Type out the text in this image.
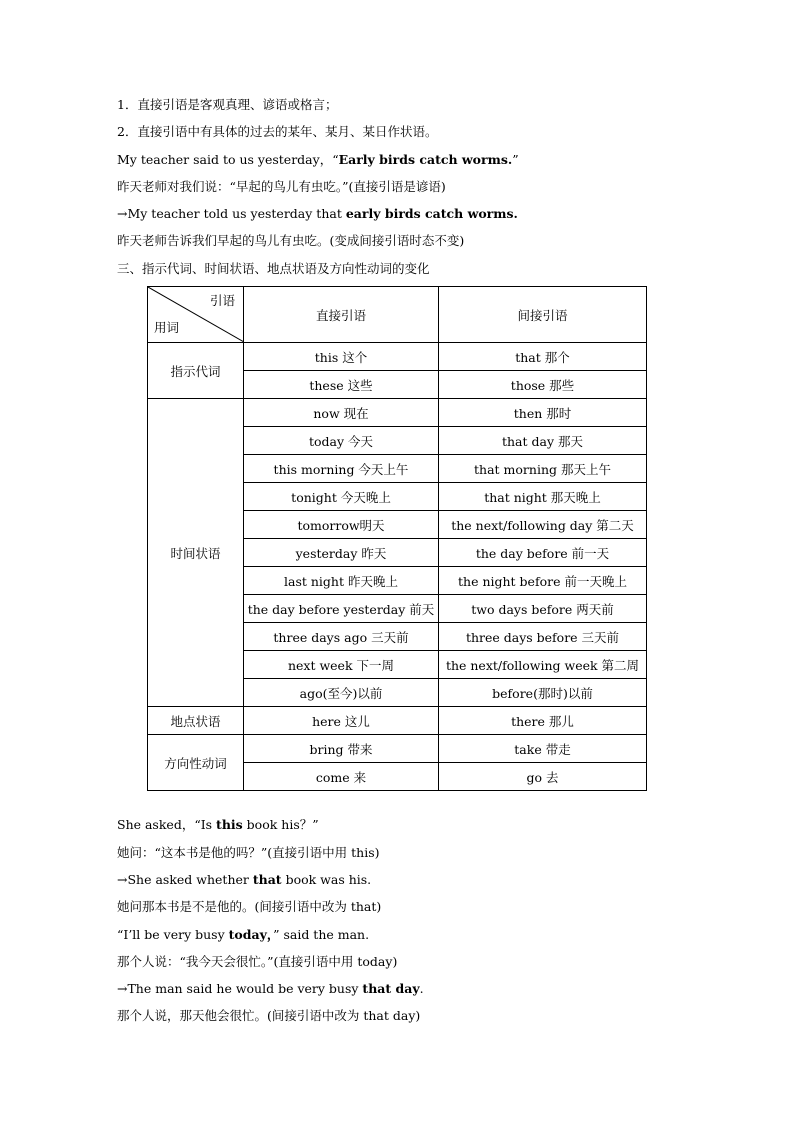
1．直接引语是客观真理、谚语或格言；
2．直接引语中有具体的过去的某年、某月、某日作状语。
My teacher said to us yesterday，“Early birds catch worms.”
昨天老师对我们说：“早起的鸟儿有虫吃。”(直接引语是谚语)
→My teacher told us yesterday that early birds catch worms.
昨天老师告诉我们早起的鸟儿有虫吃。(变成间接引语时态不变)
三、指示代词、时间状语、地点状语及方向性动词的变化
引语
用词	直接引语	间接引语
指示代词	this 这个	that 那个
	these 这些	those 那些
时间状语	now 现在	then 那时
	today 今天	that day 那天
	this morning 今天上午	that morning 那天上午
	tonight 今天晚上	that night 那天晚上
	tomorrow明天	the next/following day 第二天
	yesterday 昨天	the day before 前一天
	last night 昨天晚上	the night before 前一天晚上
	the day before yesterday 前天	two days before 两天前
	three days ago 三天前	three days before 三天前
	next week 下一周	the next/following week 第二周
	ago(至今)以前	before(那时)以前
地点状语	here 这儿	there 那儿
方向性动词	bring 带来	take 带走
	come 来	go 去
She asked，“Is this book his？”
她问：“这本书是他的吗？”(直接引语中用 this)
→She asked whether that book was his.
她问那本书是不是他的。(间接引语中改为 that)
“I’ll be very busy today，” said the man.
那个人说：“我今天会很忙。”(直接引语中用 today)
→The man said he would be very busy that day.
那个人说，那天他会很忙。(间接引语中改为 that day)
